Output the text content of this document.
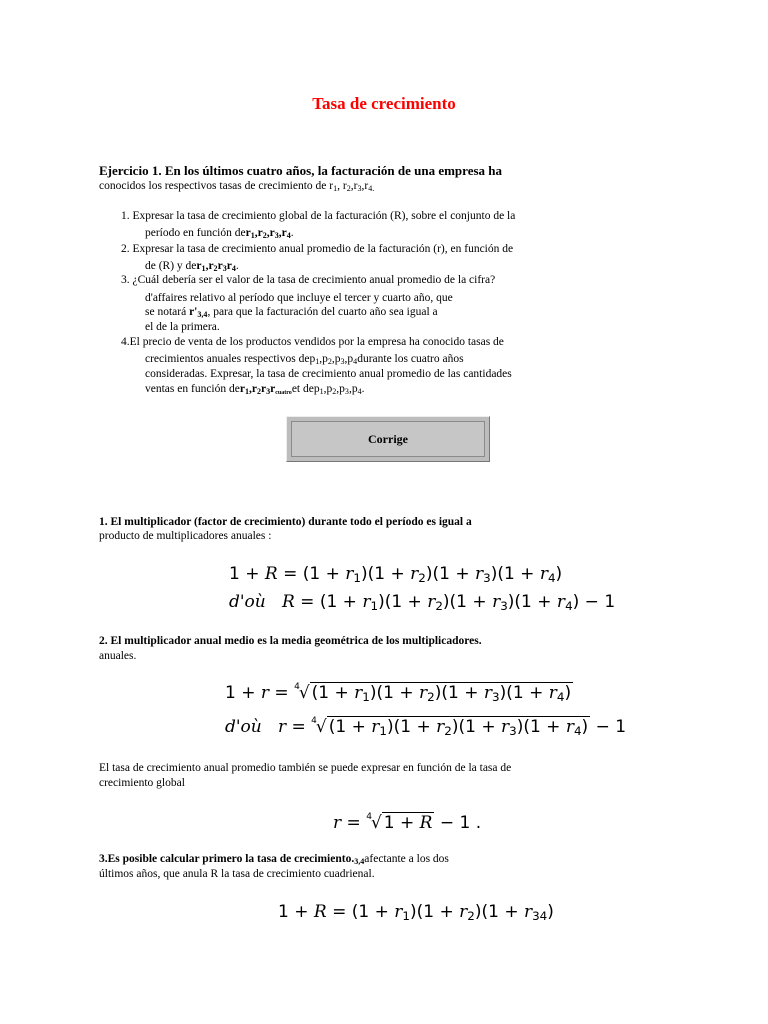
Tasa de crecimiento
Ejercicio 1. En los últimos cuatro años, la facturación de una empresa ha
conocidos los respectivos tasas de crecimiento de $r_1$, $r_2,r_3,r_{4.}$
1. Expresar la tasa de crecimiento global de la facturación (R), sobre el conjunto de la
período en función $der_1,r_2,r_3,r_4$.
2. Expresar la tasa de crecimiento anual promedio de la facturación (r), en función de
de (R) y $der_1,r_2r_3r_4$.
3. ¿Cuál debería ser el valor de la tasa de crecimiento anual promedio de la cifra?
d'affaires relativo al período que incluye el tercer y cuarto año, que
se notará $r'_{3,4}$, para que la facturación del cuarto año sea igual a
el de la primera.
4.El precio de venta de los productos vendidos por la empresa ha conocido tasas de
crecimientos anuales respectivos $dep_1,p_2,p_3,p_4durante$ los cuatro años
consideradas. Expresar, la tasa de crecimiento anual promedio de las cantidades
ventas en función $der_1,r_2r_3r_{cuatro}et$ $dep_1,p_2,p_3,p_4$.
Corrige
1. El multiplicador (factor de crecimiento) durante todo el período es igual a
producto de multiplicadores anuales :
$1 + R = (1 + r_1)(1 + r_2)(1 + r_3)(1 + r_4)$
d'où $R = (1 + r_1)(1 + r_2)(1 + r_3)(1 + r_4) - 1$
2. El multiplicador anual medio es la media geométrica de los multiplicadores.
anuales.
1 + r = $^4$√ $(1 + r_1)(1 + r_2)(1 + r_3)(1 + r_4)$
d'où r = $^4$√ $(1 + r_1)(1 + r_2)(1 + r_3)(1 + r_4) - 1$
El tasa de crecimiento anual promedio también se puede expresar en función de la tasa de
crecimiento global
r = $^4$√ 1 + R − 1 .
3.Es posible calcular primero la tasa de $crecimiento._{3,4}afectante$ a los dos
últimos años, que anula R la tasa de crecimiento cuadrienal.
$1 + R = (1 + r_1)(1 + r_2)(1 + r_{34})$
